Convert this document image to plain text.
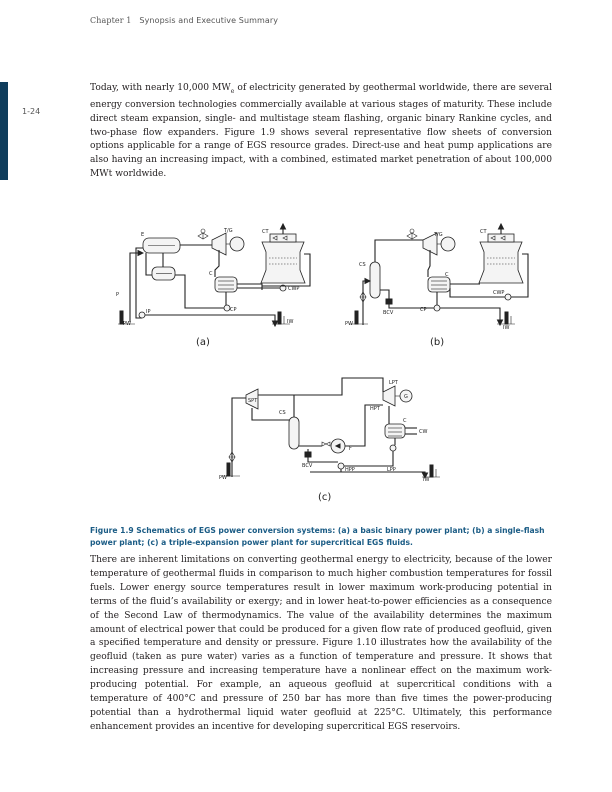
Chapter 1 Synopsis and Executive Summary
1-24

Today, with nearly 10,000 $MW_e$ of electricity generated by geothermal worldwide, there are several energy conversion technologies commercially available at various stages of maturity. These include direct steam expansion, single- and multistage steam flashing, organic binary Rankine cycles, and two-phase flow expanders. Figure 1.9 shows several representative flow sheets of conversion options applicable for a range of EGS resource grades. Direct-use and heat pump applications are also having an increasing impact, with a combined, estimated market penetration of about 100,000 MWt worldwide.

E
T/G	CT
C
CWP
P
IP	CP
PW	IW
(a)
CS
T/G	CT
C
CWP
BCV	CP
PW
IW
(b)
SPT
LPT
HPT
G
C
CW
CS
F
BCV
HPP	LPP
PW	IW
(c)
Figure 1.9 Schematics of EGS power conversion systems: (a) a basic binary power plant; (b) a single-flash power plant; (c) a triple-expansion power plant for supercritical EGS fluids.

There are inherent limitations on converting geothermal energy to electricity, because of the lower temperature of geothermal fluids in comparison to much higher combustion temperatures for fossil fuels. Lower energy source temperatures result in lower maximum work-producing potential in terms of the fluid’s availability or exergy; and in lower heat-to-power efficiencies as a consequence of the Second Law of thermodynamics. The value of the availability determines the maximum amount of electrical power that could be produced for a given flow rate of produced geofluid, given a specified temperature and density or pressure. Figure 1.10 illustrates how the availability of the geofluid (taken as pure water) varies as a function of temperature and pressure. It shows that increasing pressure and increasing temperature have a nonlinear effect on the maximum work-producing potential. For example, an aqueous geofluid at supercritical conditions with a temperature of 400°C and pressure of 250 bar has more than five times the power-producing potential than a hydrothermal liquid water geofluid at 225°C. Ultimately, this performance enhancement provides an incentive for developing supercritical EGS reservoirs.
